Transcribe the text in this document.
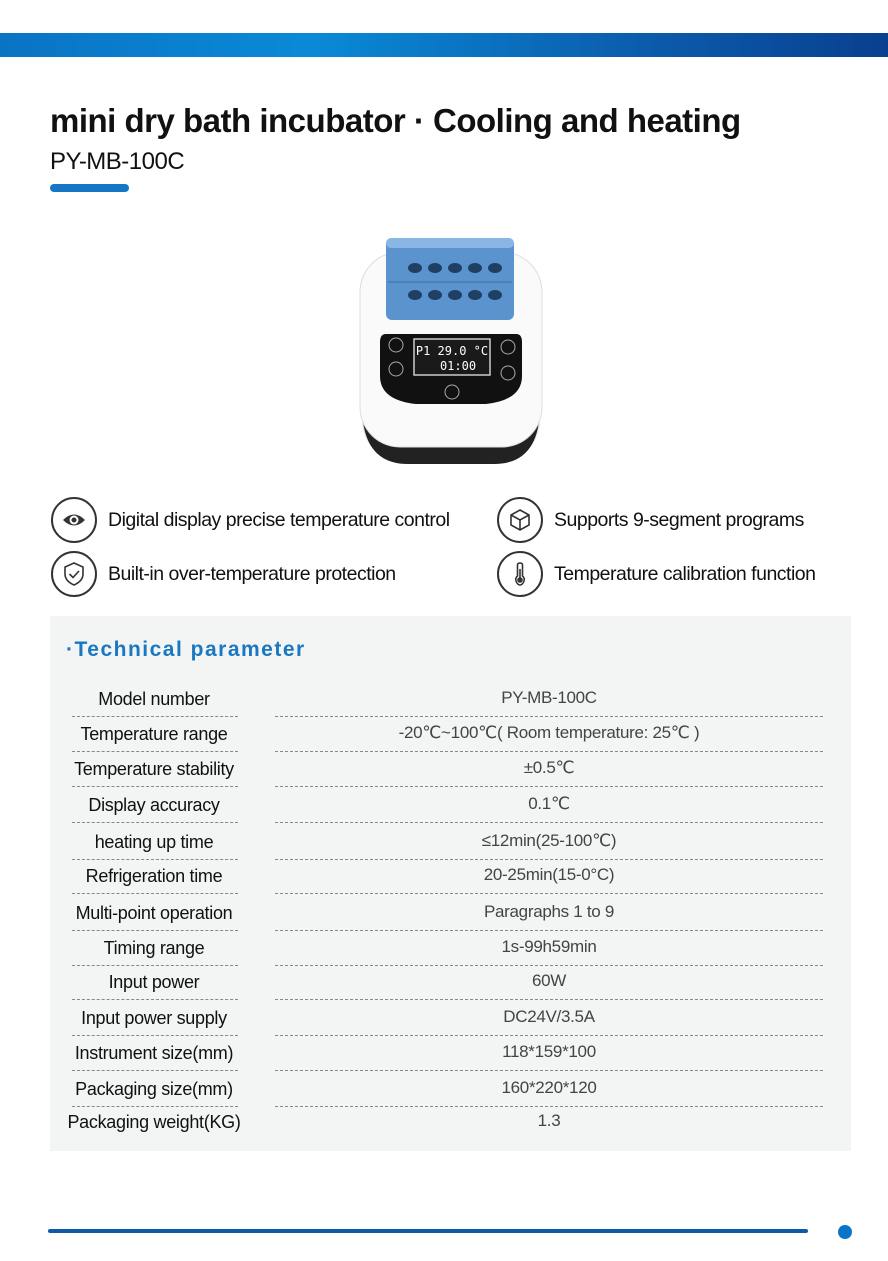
mini dry bath incubator · Cooling and heating
PY-MB-100C
P1 29.0 °C
01:00
Digital display precise temperature control	Supports 9-segment programs
Built-in over-temperature protection	Temperature calibration function
·Technical parameter
Model number	PY-MB-100C
Temperature range	-20℃~100℃( Room temperature: 25℃ )
Temperature stability	±0.5℃
Display accuracy	0.1℃
heating up time	≤12min(25-100℃)
Refrigeration time	20-25min(15-0°C)
Multi-point operation	Paragraphs 1 to 9
Timing range	1s-99h59min
Input power	60W
Input power supply	DC24V/3.5A
Instrument size(mm)	118*159*100
Packaging size(mm)	160*220*120
Packaging weight(KG)	1.3
